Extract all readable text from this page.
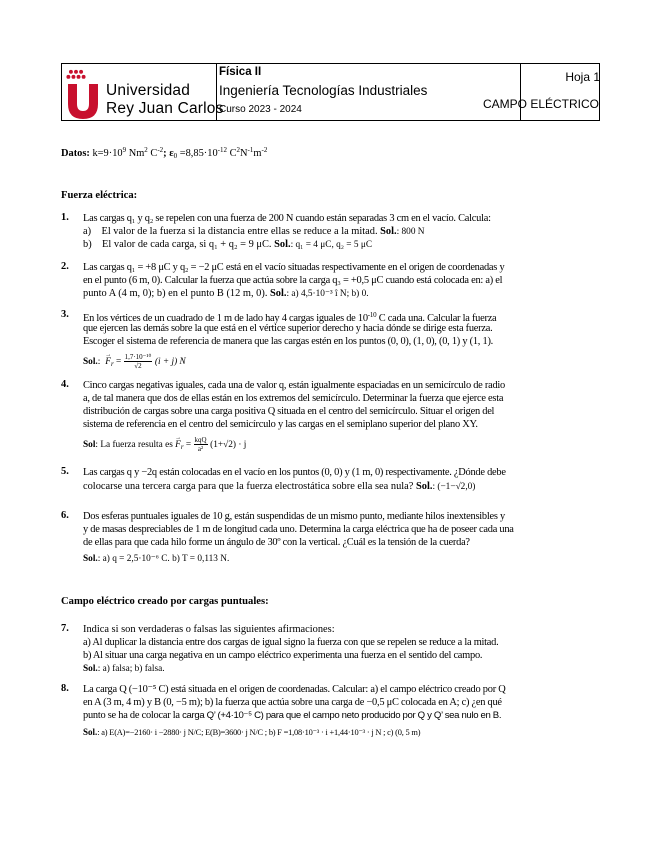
Universidad
Rey Juan Carlos
Física II
Ingeniería Tecnologías Industriales
Curso 2023 - 2024
Hoja 1
CAMPO ELÉCTRICO
Datos: $k=9\cdot 10^9$ Nm$^2$ $C^{-2}$; $\varepsilon_0 =8,85\cdot 10^{-12}$ $C^2N^{-1}m^{-2}$
Fuerza eléctrica:
1. Las cargas q₁ y q₂ se repelen con una fuerza de 200 N cuando están separadas 3 cm en el vacío. Calcula:
a) El valor de la fuerza si la distancia entre ellas se reduce a la mitad. Sol.: 800 N
b) El valor de cada carga, si q₁ + q₂ = 9 μC. Sol.: q₁ = 4 μC, q₂ = 5 μC
2. Las cargas q₁ = +8 μC y q₂ = −2 μC está en el vacío situadas respectivamente en el origen de coordenadas y
en el punto (6 m, 0). Calcular la fuerza que actúa sobre la carga q₃ = +0,5 μC cuando está colocada en: a) el
punto A (4 m, 0); b) en el punto B (12 m, 0). Sol.: a) 4,5·10⁻³ î N; b) 0.
3. En los vértices de un cuadrado de 1 m de lado hay 4 cargas iguales de $10^{-10}$ C cada una. Calcular la fuerza
que ejercen las demás sobre la que está en el vértice superior derecho y hacia dónde se dirige esta fuerza.
Escoger el sistema de referencia de manera que las cargas estén en los puntos (0, 0), (1, 0), (0, 1) y (1, 1).
Sol.:  → $F_r = \frac{\text{1,7·10⁻¹⁰}}{√2} (i + j)$ N
4. Cinco cargas negativas iguales, cada una de valor q, están igualmente espaciadas en un semicírculo de radio
a, de tal manera que dos de ellas están en los extremos del semicírculo. Determinar la fuerza que ejerce esta
distribución de cargas sobre una carga positiva Q situada en el centro del semicírculo. Situar el origen del
sistema de referencia en el centro del semicírculo y las cargas en el semiplano superior del plano XY.
Sol: La fuerza resulta es → $F_r = \frac{\text{kqQ}}{\text{a²}} (1+√2) \cdot j$
5. Las cargas q y −2q están colocadas en el vacío en los puntos (0, 0) y (1 m, 0) respectivamente. ¿Dónde debe
colocarse una tercera carga para que la fuerza electrostática sobre ella sea nula? Sol.: (−1−√2,0)
6. Dos esferas puntuales iguales de 10 g, están suspendidas de un mismo punto, mediante hilos inextensibles y
y de masas despreciables de 1 m de longitud cada uno. Determina la carga eléctrica que ha de poseer cada una
de ellas para que cada hilo forme un ángulo de 30º con la vertical. ¿Cuál es la tensión de la cuerda?
Sol.: a) q = 2,5·10⁻⁶ C. b) T = 0,113 N.
Campo eléctrico creado por cargas puntuales:
7. Indica si son verdaderas o falsas las siguientes afirmaciones:
a) Al duplicar la distancia entre dos cargas de igual signo la fuerza con que se repelen se reduce a la mitad.
b) Al situar una carga negativa en un campo eléctrico experimenta una fuerza en el sentido del campo.
Sol.: a) falsa; b) falsa.
8. La carga Q (−10⁻⁵ C) está situada en el origen de coordenadas. Calcular: a) el campo eléctrico creado por Q
en A (3 m, 4 m) y B (0, −5 m); b) la fuerza que actúa sobre una carga de −0,5 μC colocada en A; c) ¿en qué
punto se ha de colocar la carga Q’ (+4·10⁻⁵ C) para que el campo neto producido por Q y Q’ sea nulo en B.
Sol.: a) E(A)=−2160· i −2880· j N/C; E(B)=3600· j N/C ; b) F =1,08·10⁻³ · i +1,44·10⁻³ · j N ; c) (0, 5 m)
